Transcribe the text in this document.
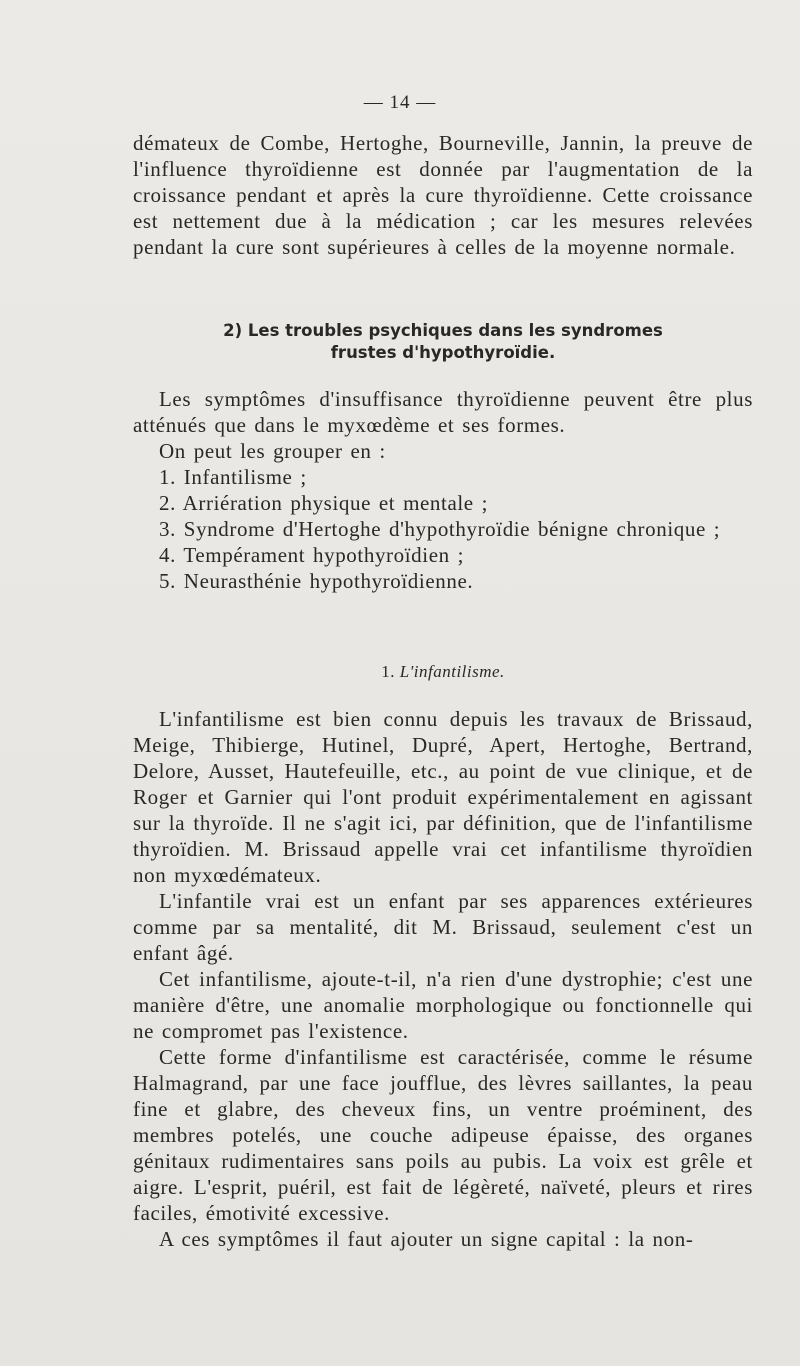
— 14 —

démateux de Combe, Hertoghe, Bourneville, Jannin, la preuve de l'influence thyroïdienne est donnée par l'augmentation de la croissance pendant et après la cure thyroïdienne. Cette croissance est nettement due à la médication ; car les mesures relevées pendant la cure sont supérieures à celles de la moyenne normale.

2) Les troubles psychiques dans les syndromes
frustes d'hypothyroïdie.

Les symptômes d'insuffisance thyroïdienne peuvent être plus atténués que dans le myxœdème et ses formes.

On peut les grouper en :

1. Infantilisme ;

2. Arriération physique et mentale ;

3. Syndrome d'Hertoghe d'hypothyroïdie bénigne chronique ;

4. Tempérament hypothyroïdien ;

5. Neurasthénie hypothyroïdienne.

1. L'infantilisme.

L'infantilisme est bien connu depuis les travaux de Brissaud, Meige, Thibierge, Hutinel, Dupré, Apert, Hertoghe, Bertrand, Delore, Ausset, Hautefeuille, etc., au point de vue clinique, et de Roger et Garnier qui l'ont produit expérimentalement en agissant sur la thyroïde. Il ne s'agit ici, par définition, que de l'infantilisme thyroïdien. M. Brissaud appelle vrai cet infantilisme thyroïdien non myxœdémateux.

L'infantile vrai est un enfant par ses apparences extérieures comme par sa mentalité, dit M. Brissaud, seulement c'est un enfant âgé.

Cet infantilisme, ajoute-t-il, n'a rien d'une dystrophie; c'est une manière d'être, une anomalie morphologique ou fonctionnelle qui ne compromet pas l'existence.

Cette forme d'infantilisme est caractérisée, comme le résume Halmagrand, par une face joufflue, des lèvres saillantes, la peau fine et glabre, des cheveux fins, un ventre proéminent, des membres potelés, une couche adipeuse épaisse, des organes génitaux rudimentaires sans poils au pubis. La voix est grêle et aigre. L'esprit, puéril, est fait de légèreté, naïveté, pleurs et rires faciles, émotivité excessive.

A ces symptômes il faut ajouter un signe capital : la non-
